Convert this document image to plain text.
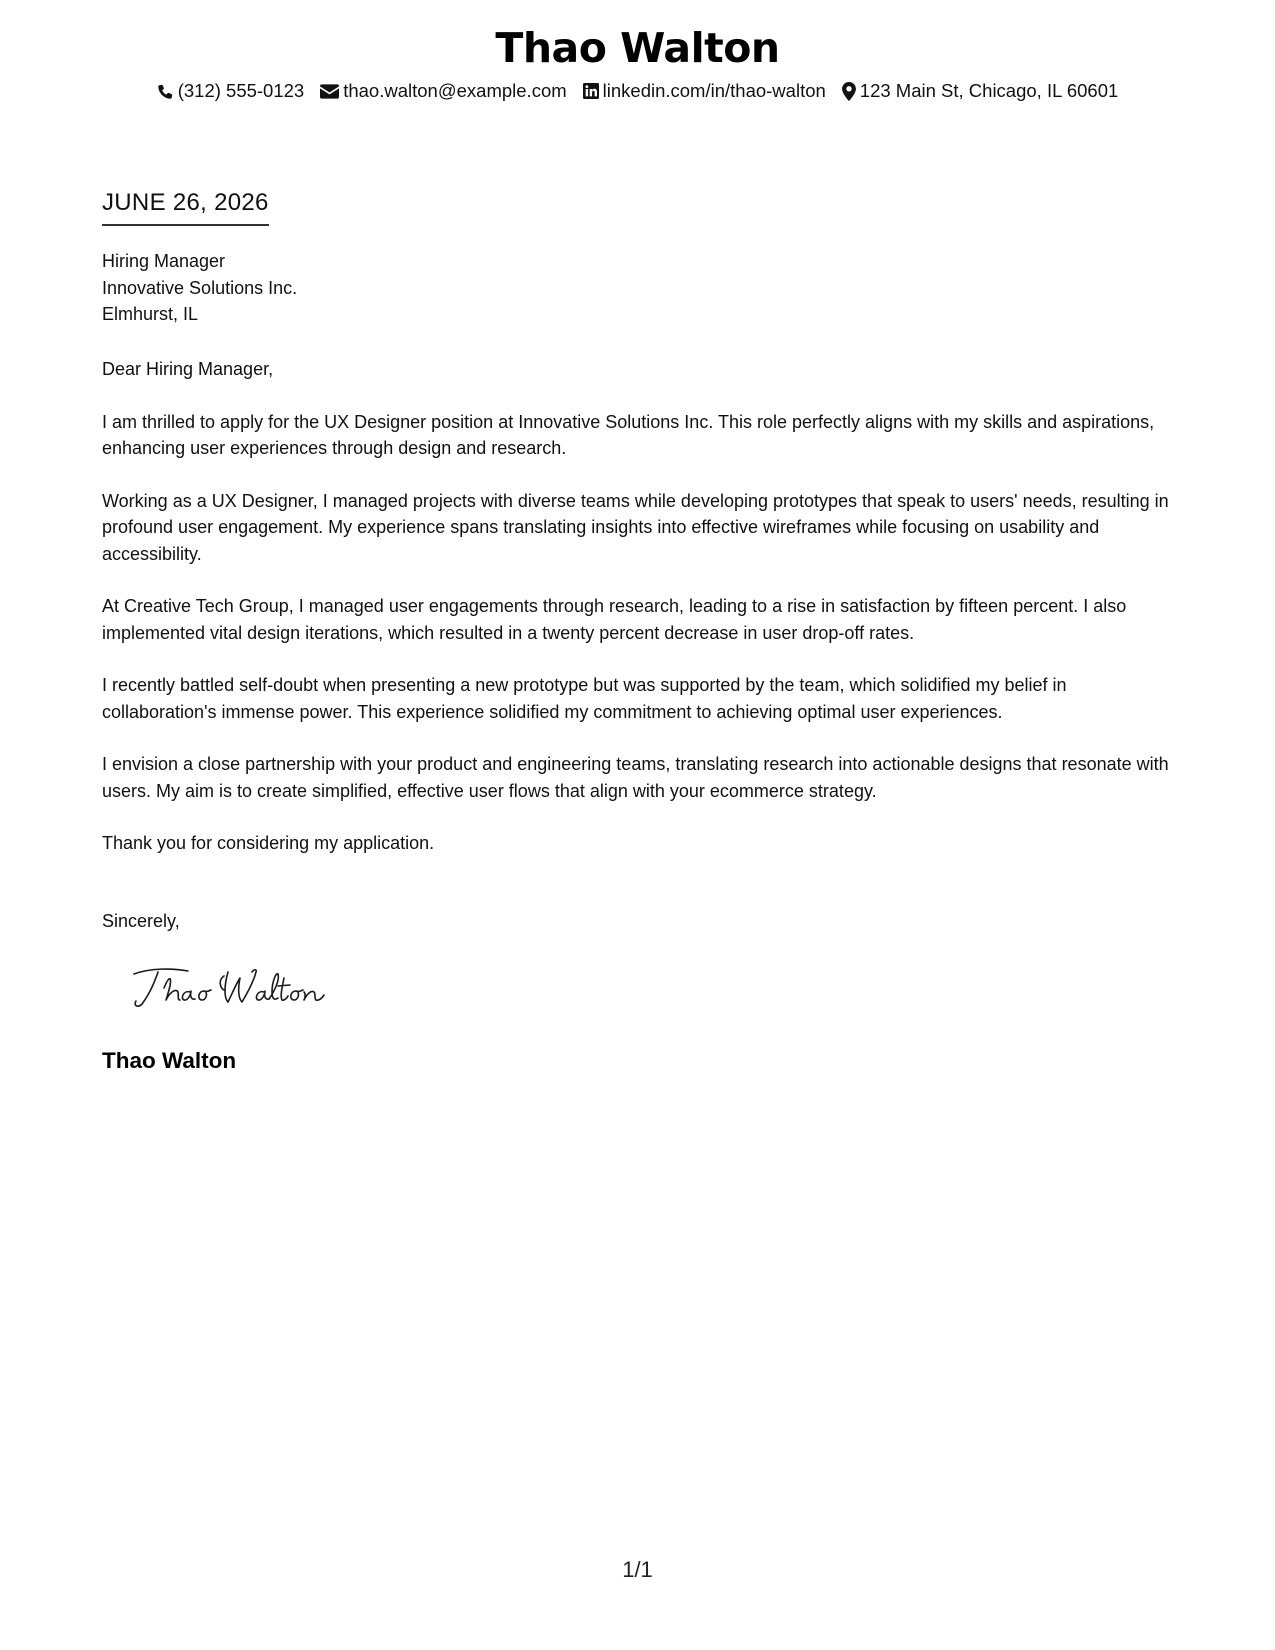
Thao Walton
(312) 555-0123 thao.walton@example.com linkedin.com/in/thao-walton 123 Main St, Chicago, IL 60601
JUNE 26, 2026
Hiring Manager
Innovative Solutions Inc.
Elmhurst, IL

Dear Hiring Manager,

I am thrilled to apply for the UX Designer position at Innovative Solutions Inc. This role perfectly aligns with my skills and aspirations, enhancing user experiences through design and research.

Working as a UX Designer, I managed projects with diverse teams while developing prototypes that speak to users' needs, resulting in profound user engagement. My experience spans translating insights into effective wireframes while focusing on usability and accessibility.

At Creative Tech Group, I managed user engagements through research, leading to a rise in satisfaction by fifteen percent. I also implemented vital design iterations, which resulted in a twenty percent decrease in user drop-off rates.

I recently battled self-doubt when presenting a new prototype but was supported by the team, which solidified my belief in collaboration's immense power. This experience solidified my commitment to achieving optimal user experiences.

I envision a close partnership with your product and engineering teams, translating research into actionable designs that resonate with users. My aim is to create simplified, effective user flows that align with your ecommerce strategy.

Thank you for considering my application.

Sincerely,
Thao Walton
1/1
